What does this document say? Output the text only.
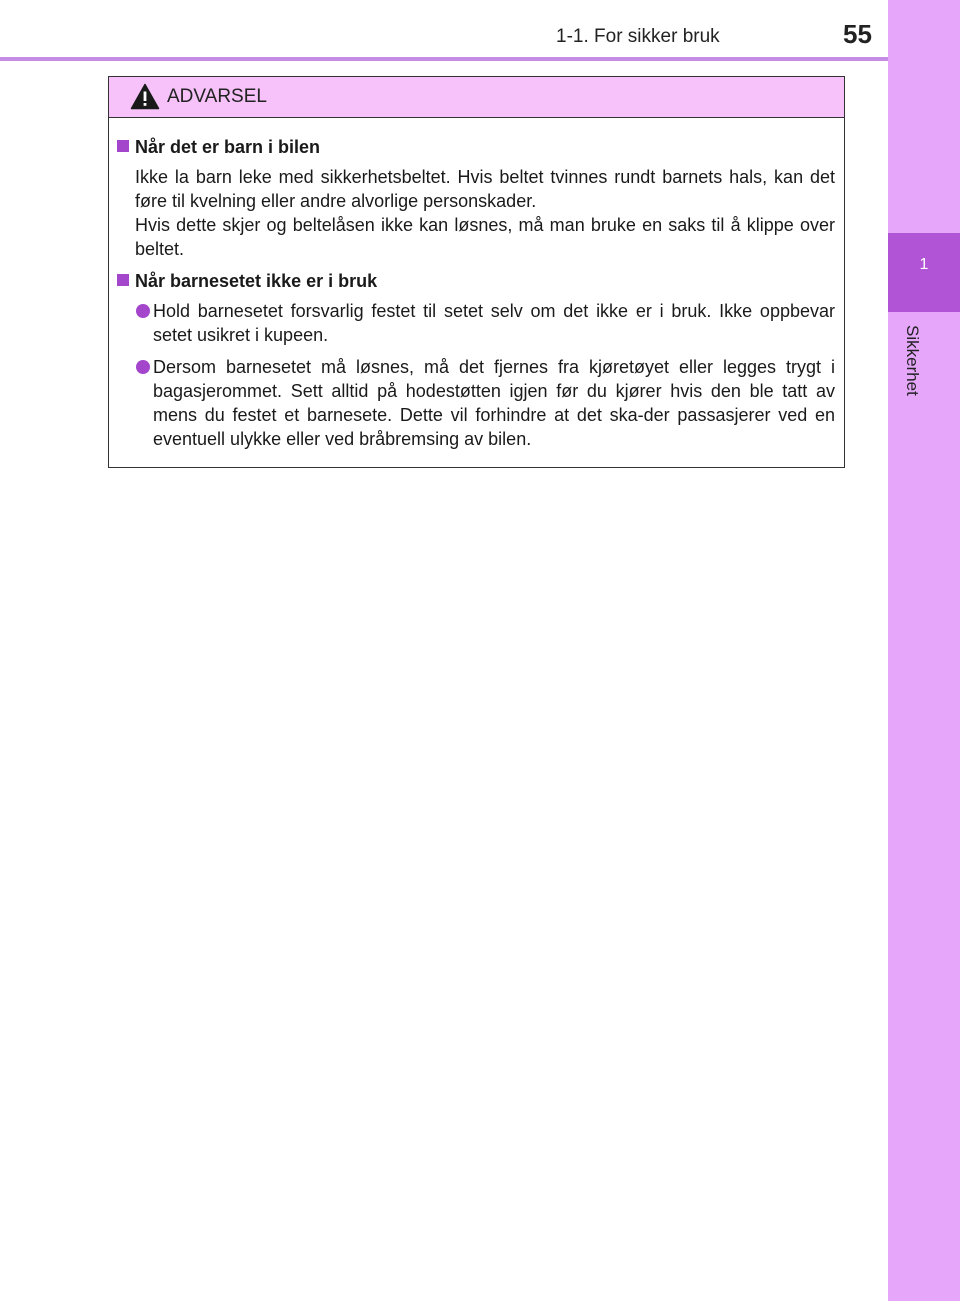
1-1. For sikker bruk	55
1
Sikkerhet
ADVARSEL
Når det er barn i bilen
Ikke la barn leke med sikkerhetsbeltet. Hvis beltet tvinnes rundt barnets hals, kan det føre til kvelning eller andre alvorlige personskader.
Hvis dette skjer og beltelåsen ikke kan løsnes, må man bruke en saks til å klippe over beltet.
Når barnesetet ikke er i bruk
Hold barnesetet forsvarlig festet til setet selv om det ikke er i bruk. Ikke oppbevar setet usikret i kupeen.
Dersom barnesetet må løsnes, må det fjernes fra kjøretøyet eller legges trygt i bagasjerommet. Sett alltid på hodestøtten igjen før du kjører hvis den ble tatt av mens du festet et barnesete. Dette vil forhindre at det ska-der passasjerer ved en eventuell ulykke eller ved bråbremsing av bilen.
carmanualsonline.info
